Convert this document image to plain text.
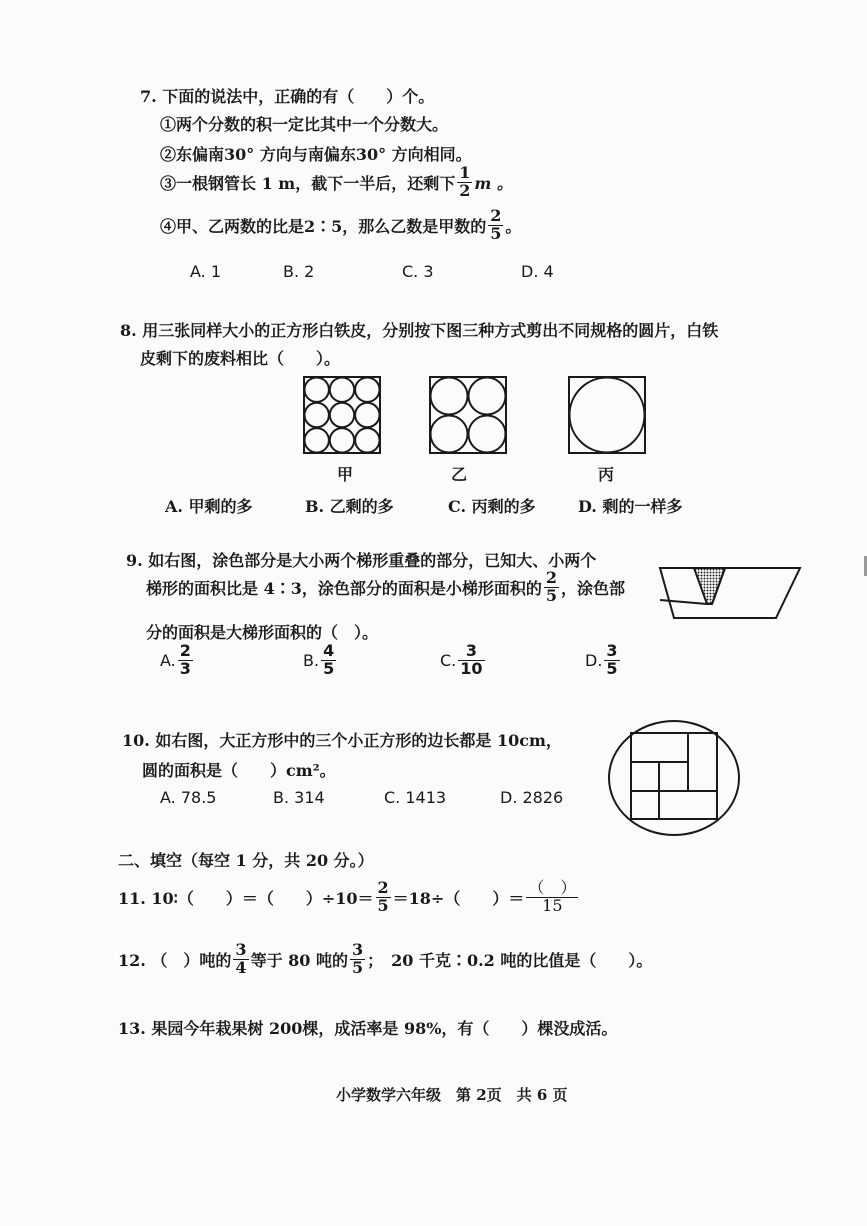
7. 下面的说法中，正确的有（　　）个。
①两个分数的积一定比其中一个分数大。
②东偏南30° 方向与南偏东30° 方向相同。
③一根钢管长 1 m，截下一半后，还剩下 $\frac{1}{2}$ m 。
④甲、乙两数的比是2∶5，那么乙数是甲数的 $\frac{2}{5}$ 。
A. 1	B. 2	C. 3	D. 4
8. 用三张同样大小的正方形白铁皮，分别按下图三种方式剪出不同规格的圆片，白铁
皮剩下的废料相比（　　）。
甲	乙	丙
A. 甲剩的多	B. 乙剩的多	C. 丙剩的多	D. 剩的一样多
9. 如右图，涂色部分是大小两个梯形重叠的部分，已知大、小两个
梯形的面积比是 4∶3，涂色部分的面积是小梯形面积的 $\frac{2}{5}$ ，涂色部
分的面积是大梯形面积的（　）。
A. $\frac{2}{3}$	B. $\frac{4}{5}$	C. $\frac{3}{10}$	D. $\frac{3}{5}$
10. 如右图，大正方形中的三个小正方形的边长都是 10cm，
圆的面积是（　　）cm²。
A. 78.5	B. 314	C. 1413	D. 2826
二、填空（每空 1 分，共 20 分。）
11. 10∶（　　）＝（　　）$\div 10= \frac{2}{5} =18\div$（　　）＝ $\frac{( )}{15}$
12. （　）吨的 $\frac{3}{4}$ 等于 80 吨的 $\frac{3}{5}$ ；　20 千克∶0.2 吨的比值是（　　）。
13. 果园今年栽果树 200棵，成活率是 98%，有（　　）棵没成活。
小学数学六年级　第 2页　共 6 页
